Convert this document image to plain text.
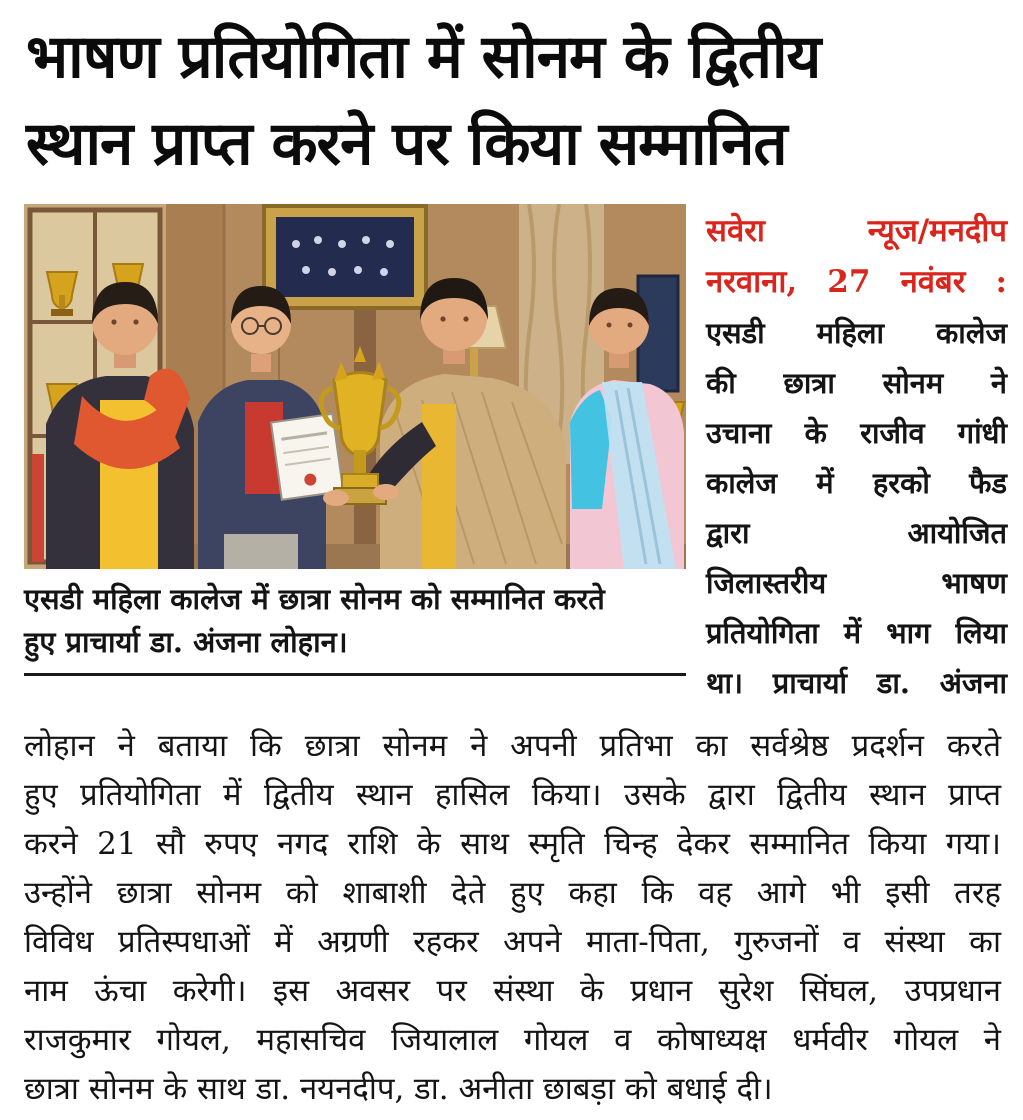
भाषण प्रतियोगिता में सोनम के द्वितीय
स्थान प्राप्त करने पर किया सम्मानित
एसडी महिला कालेज में छात्रा सोनम को सम्मानित करते
हुए प्राचार्या डा. अंजना लोहान।
सवेरा न्यूज/मनदीप
नरवाना, 27 नवंबर :
एसडी महिला कालेज
की छात्रा सोनम ने
उचाना के राजीव गांधी
कालेज में हरको फैड
द्वारा आयोजित
जिलास्तरीय भाषण
प्रतियोगिता में भाग लिया
था। प्राचार्या डा. अंजना
लोहान ने बताया कि छात्रा सोनम ने अपनी प्रतिभा का सर्वश्रेष्ठ प्रदर्शन करते
हुए प्रतियोगिता में द्वितीय स्थान हासिल किया। उसके द्वारा द्वितीय स्थान प्राप्त
करने 21 सौ रुपए नगद राशि के साथ स्मृति चिन्ह देकर सम्मानित किया गया।
उन्होंने छात्रा सोनम को शाबाशी देते हुए कहा कि वह आगे भी इसी तरह
विविध प्रतिस्पधाओं में अग्रणी रहकर अपने माता-पिता, गुरुजनों व संस्था का
नाम ऊंचा करेगी। इस अवसर पर संस्था के प्रधान सुरेश सिंघल, उपप्रधान
राजकुमार गोयल, महासचिव जियालाल गोयल व कोषाध्यक्ष धर्मवीर गोयल ने
छात्रा सोनम के साथ डा. नयनदीप, डा. अनीता छाबड़ा को बधाई दी।
